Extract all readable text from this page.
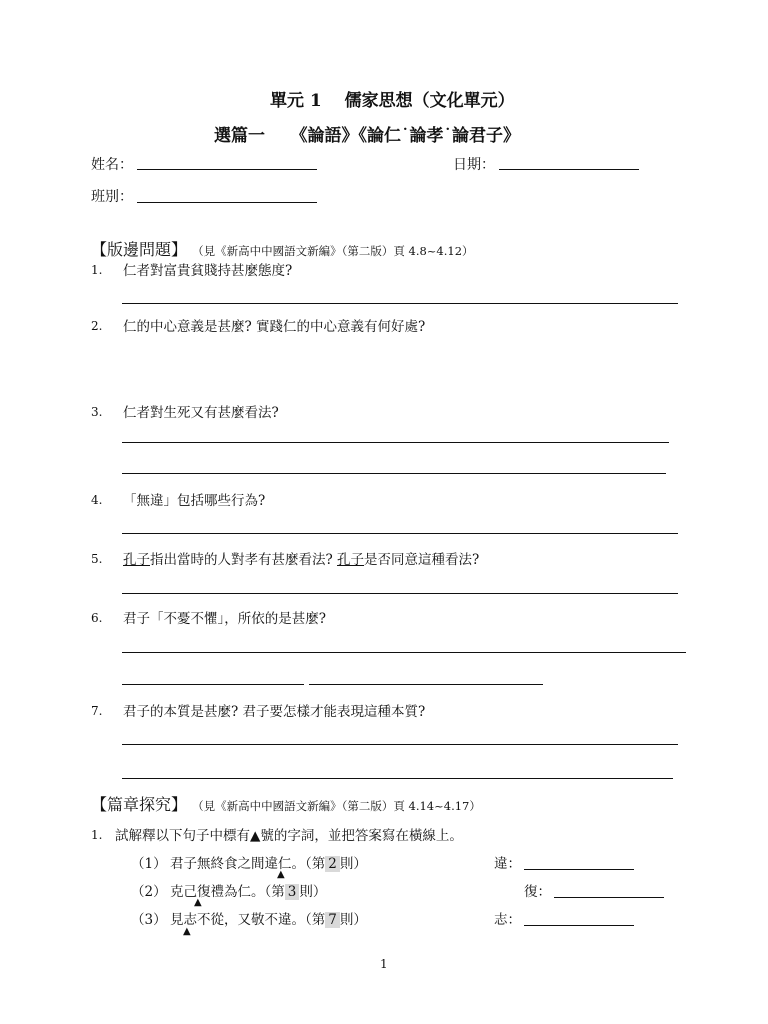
單元 1　 儒家思想（文化單元）
選篇一　　《論語》《論仁˙論孝˙論君子》
姓名：	日期：
班別：
【版邊問題】 （見《新高中中國語文新編》（第二版）頁 4.8~4.12）
1. 仁者對富貴貧賤持甚麼態度?
2. 仁的中心意義是甚麼? 實踐仁的中心意義有何好處?
3. 仁者對生死又有甚麼看法?
4. 「無違」包括哪些行為?
5. 孔子指出當時的人對孝有甚麼看法? 孔子是否同意這種看法?
6. 君子「不憂不懼」，所依的是甚麼?
7. 君子的本質是甚麼? 君子要怎樣才能表現這種本質?
【篇章探究】 （見《新高中中國語文新編》（第二版）頁 4.14~4.17）
1. 試解釋以下句子中標有▲號的字詞，並把答案寫在橫線上。
（1） 君子無終食之間違仁。（第 2 則）
▲
違：
（2） 克己復禮為仁。（第 3 則）
▲
復：
（3） 見志不從，又敬不違。（第 7 則）
▲
志：
1
